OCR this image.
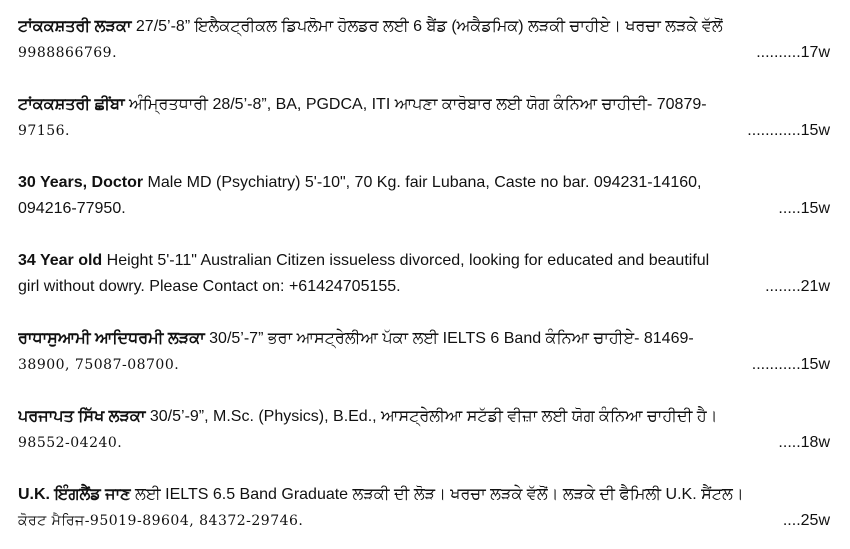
ਟਾਂਕਕਸ਼ਤਰੀ ਲੜਕਾ 27/5’-8” ਇਲੈਕਟ੍ਰੀਕਲ ਡਿਪਲੋਮਾ ਹੋਲਡਰ ਲਈ 6 ਬੈਂਡ (ਅਕੈਡਮਿਕ) ਲੜਕੀ ਚਾਹੀਏ। ਖਰਚਾ ਲੜਕੇ ਵੱਲੋਂ
9988866769.	..........17w
ਟਾਂਕਕਸ਼ਤਰੀ ਛੀਂਬਾ ਅੰਮ੍ਰਿਤਧਾਰੀ 28/5’-8”, BA, PGDCA, ITI ਆਪਣਾ ਕਾਰੋਬਾਰ ਲਈ ਯੋਗ ਕੰਨਿਆ ਚਾਹੀਦੀ- 70879-
97156.	............15w
30 Years, Doctor Male MD (Psychiatry) 5'-10", 70 Kg. fair Lubana, Caste no bar. 094231-14160,
094216-77950.	.....15w
34 Year old Height 5'-11" Australian Citizen issueless divorced, looking for educated and beautiful
girl without dowry. Please Contact on: +61424705155.	........21w
ਰਾਧਾਸੁਆਮੀ ਆਦਿਧਰਮੀ ਲੜਕਾ 30/5’-7” ਭਰਾ ਆਸਟ੍ਰੇਲੀਆ ਪੱਕਾ ਲਈ IELTS 6 Band ਕੰਨਿਆ ਚਾਹੀਏ- 81469-
38900, 75087-08700.	...........15w
ਪਰਜਾਪਤ ਸਿੱਖ ਲੜਕਾ 30/5’-9”, M.Sc. (Physics), B.Ed., ਆਸਟ੍ਰੇਲੀਆ ਸਟੱਡੀ ਵੀਜ਼ਾ ਲਈ ਯੋਗ ਕੰਨਿਆ ਚਾਹੀਦੀ ਹੈ।
98552-04240.	.....18w
U.K. ਇੰਗਲੈਂਡ ਜਾਣ ਲਈ IELTS 6.5 Band Graduate ਲੜਕੀ ਦੀ ਲੋੜ। ਖਰਚਾ ਲੜਕੇ ਵੱਲੋਂ। ਲੜਕੇ ਦੀ ਫੈਮਿਲੀ U.K. ਸੈਂਟਲ।
ਕੋਰਟ ਮੈਰਿਜ-95019-89604, 84372-29746.	....25w
